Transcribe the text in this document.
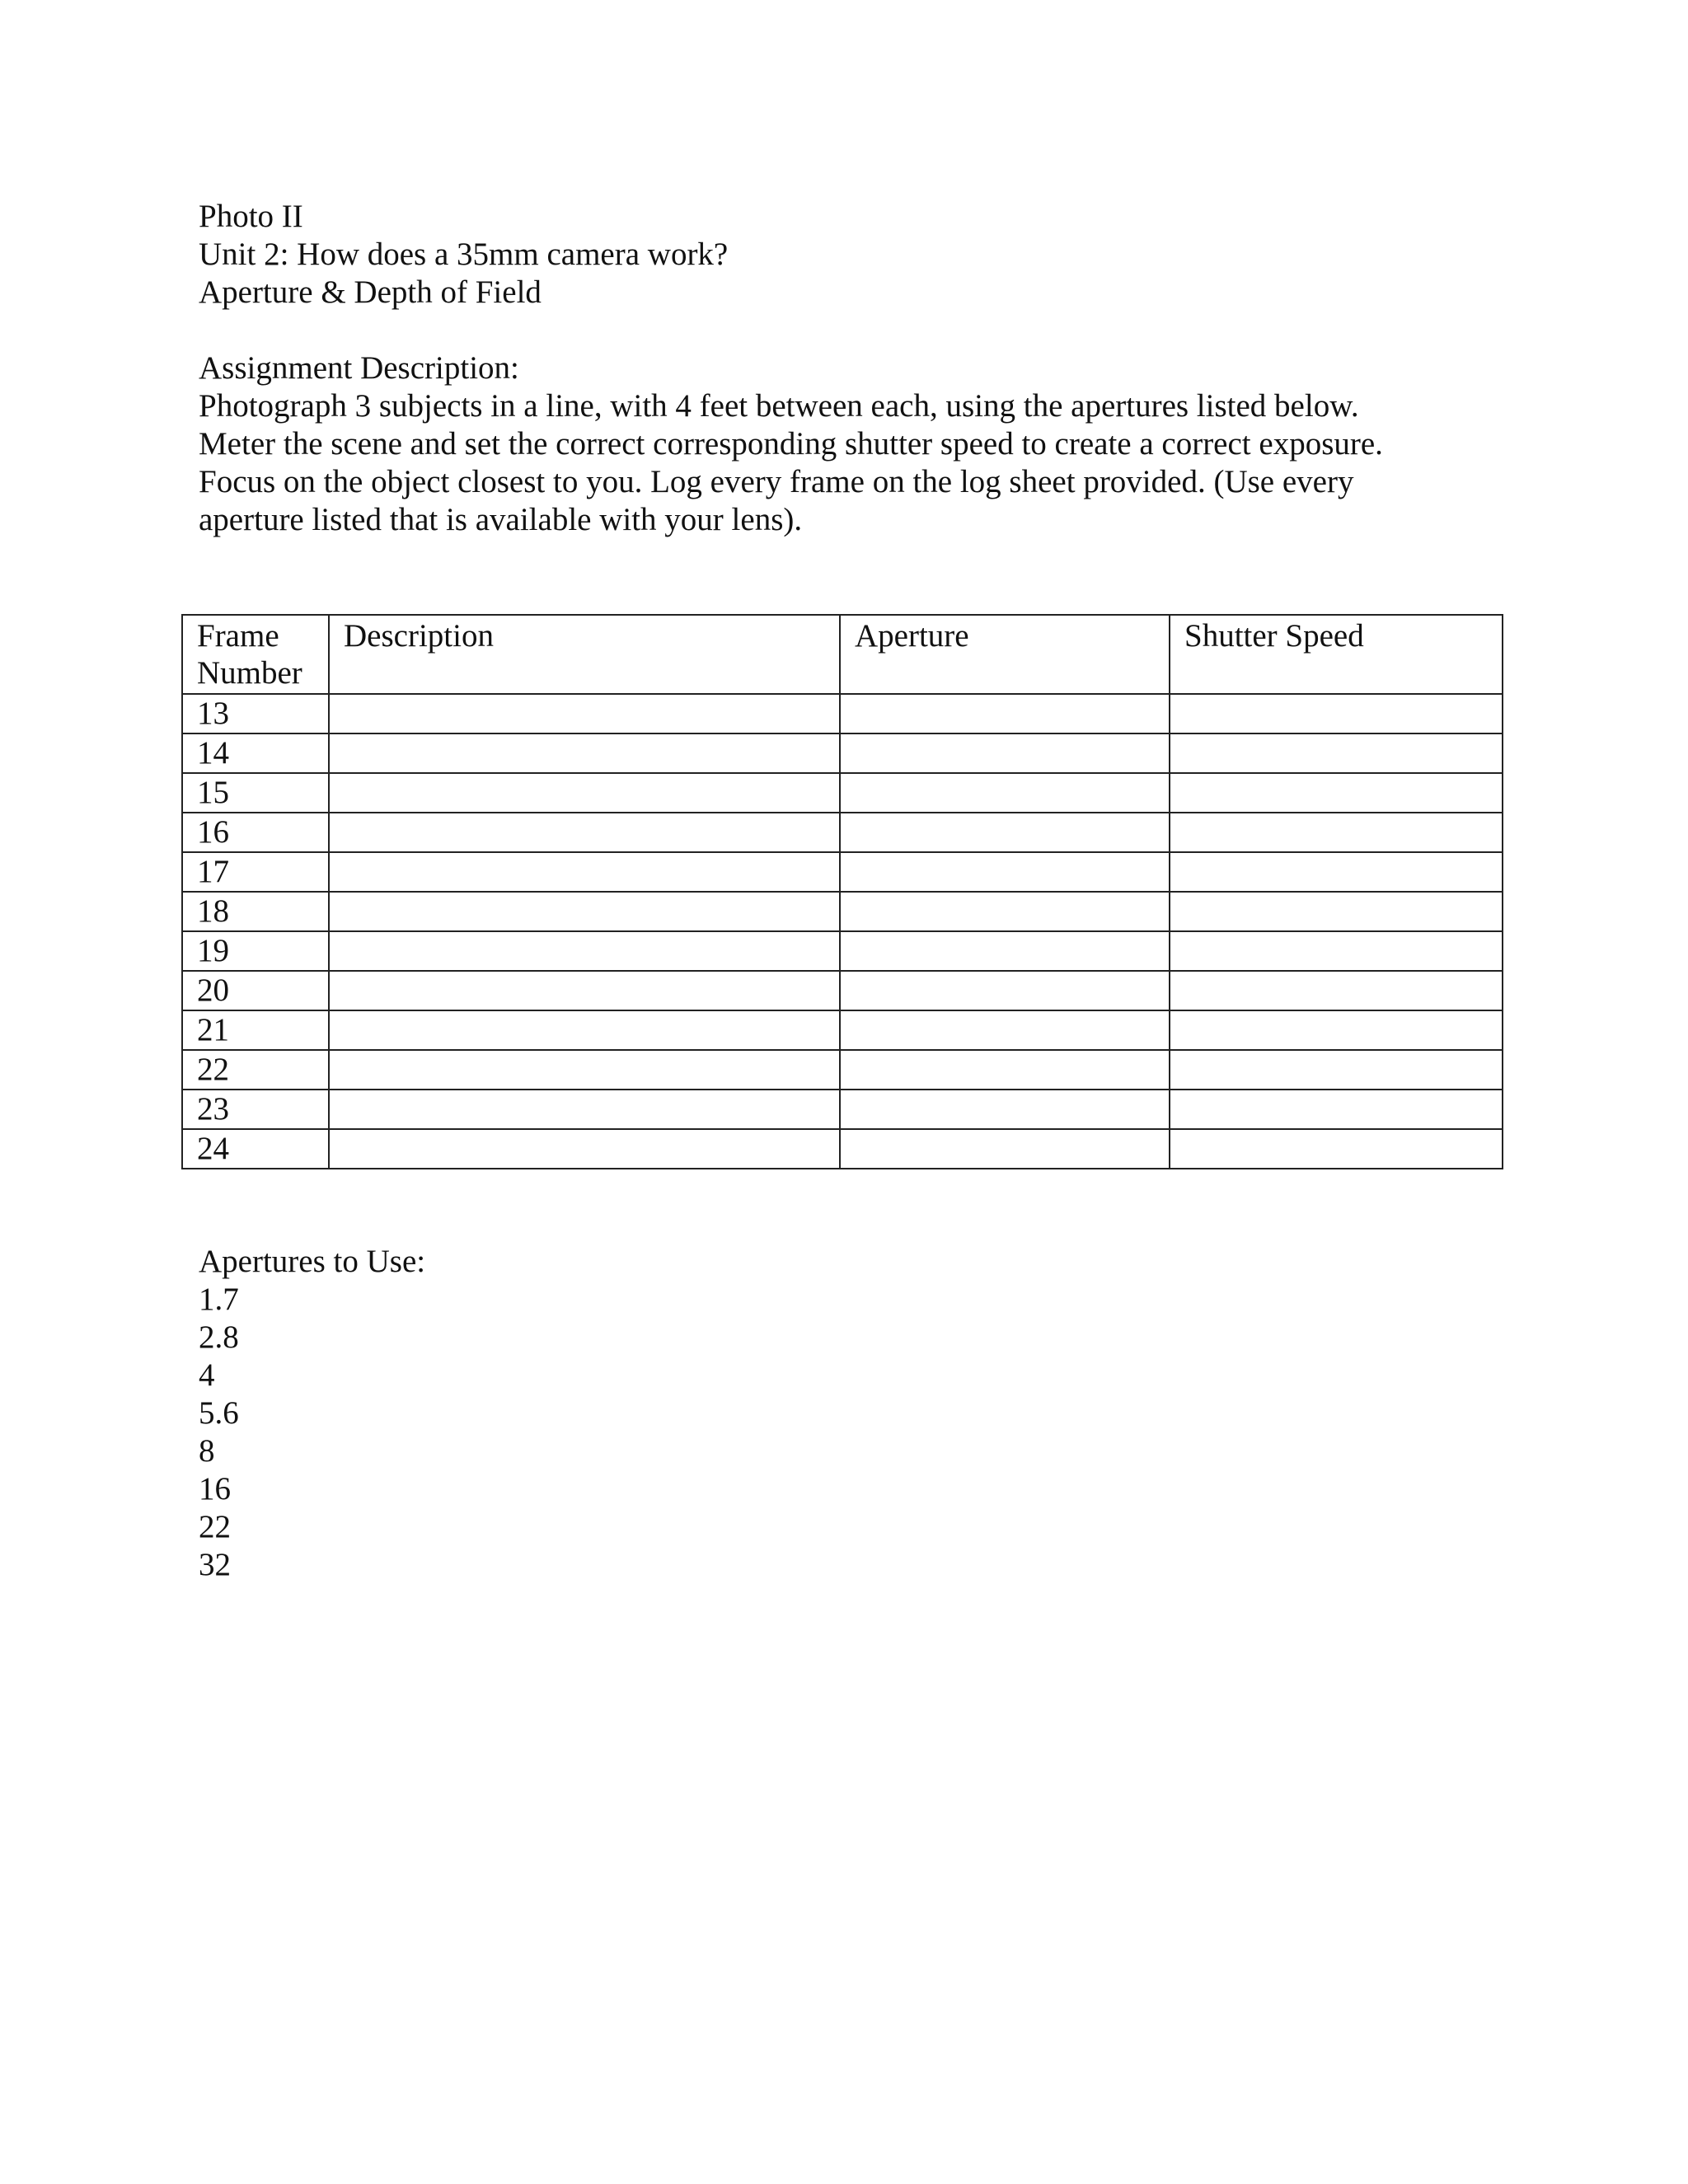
Photo II

Unit 2: How does a 35mm camera work?

Aperture & Depth of Field

Assignment Description:

Photograph 3 subjects in a line, with 4 feet between each, using the apertures listed below.

Meter the scene and set the correct corresponding shutter speed to create a correct exposure.

Focus on the object closest to you. Log every frame on the log sheet provided. (Use every

aperture listed that is available with your lens).

Frame
Number	Description	Aperture	Shutter Speed
13			
14			
15			
16			
17			
18			
19			
20			
21			
22			
23			
24			
Apertures to Use:
1.7
2.8
4
5.6
8
16
22
32
